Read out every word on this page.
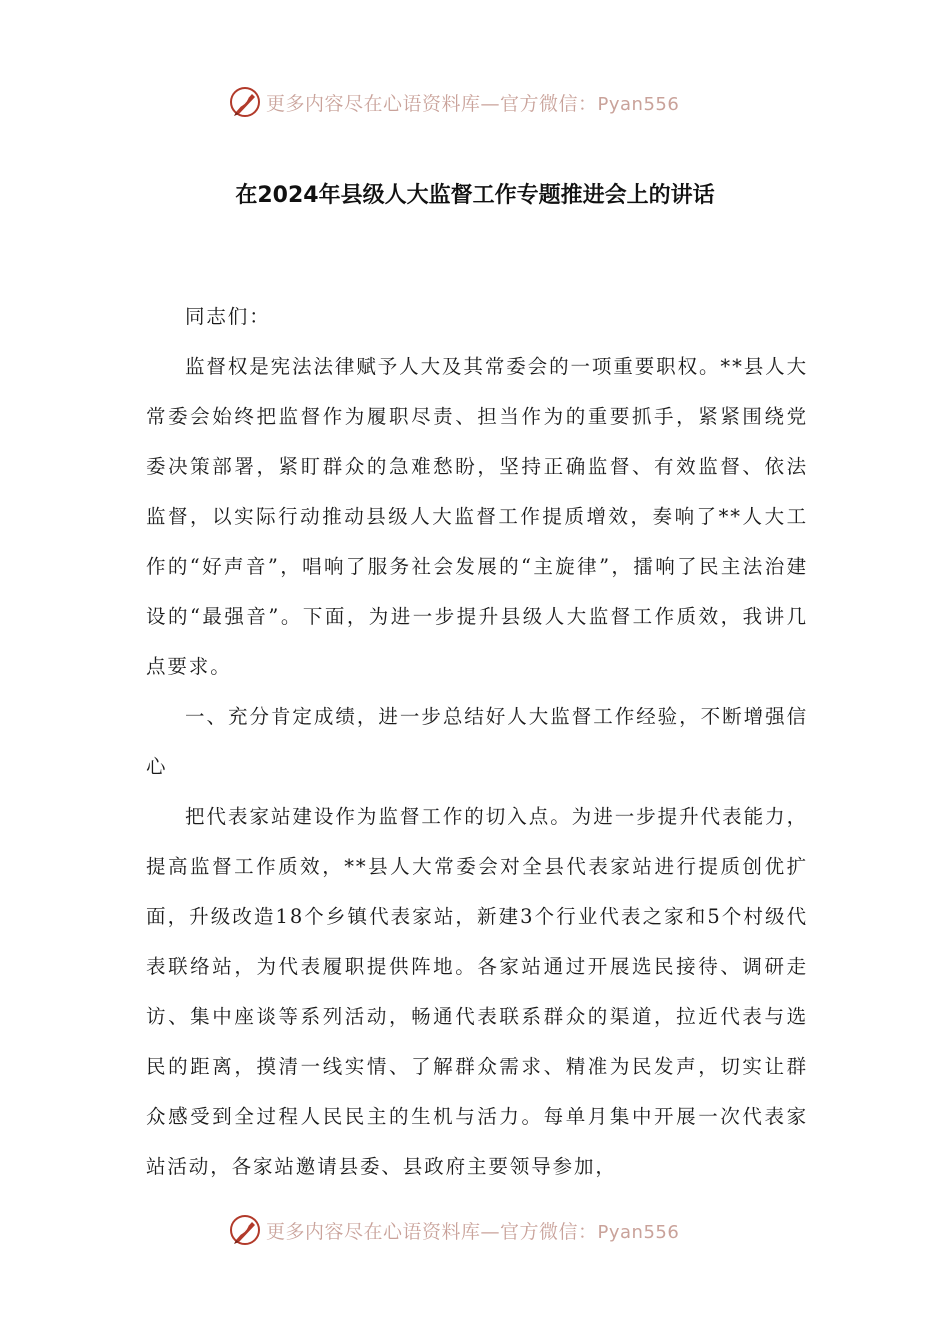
更多内容尽在心语资料库—官方微信：Pyan556
在2024年县级人大监督工作专题推进会上的讲话

同志们：

监督权是宪法法律赋予人大及其常委会的一项重要职权。**县人大常委会始终把监督作为履职尽责、担当作为的重要抓手，紧紧围绕党委决策部署，紧盯群众的急难愁盼，坚持正确监督、有效监督、依法监督，以实际行动推动县级人大监督工作提质增效，奏响了**人大工作的“好声音”，唱响了服务社会发展的“主旋律”，擂响了民主法治建设的“最强音”。下面，为进一步提升县级人大监督工作质效，我讲几点要求。

一、充分肯定成绩，进一步总结好人大监督工作经验，不断增强信心

把代表家站建设作为监督工作的切入点。为进一步提升代表能力，提高监督工作质效，**县人大常委会对全县代表家站进行提质创优扩面，升级改造18个乡镇代表家站，新建3个行业代表之家和5个村级代表联络站，为代表履职提供阵地。各家站通过开展选民接待、调研走访、集中座谈等系列活动，畅通代表联系群众的渠道，拉近代表与选民的距离，摸清一线实情、了解群众需求、精准为民发声，切实让群众感受到全过程人民民主的生机与活力。每单月集中开展一次代表家站活动，各家站邀请县委、县政府主要领导参加，

更多内容尽在心语资料库—官方微信：Pyan556
